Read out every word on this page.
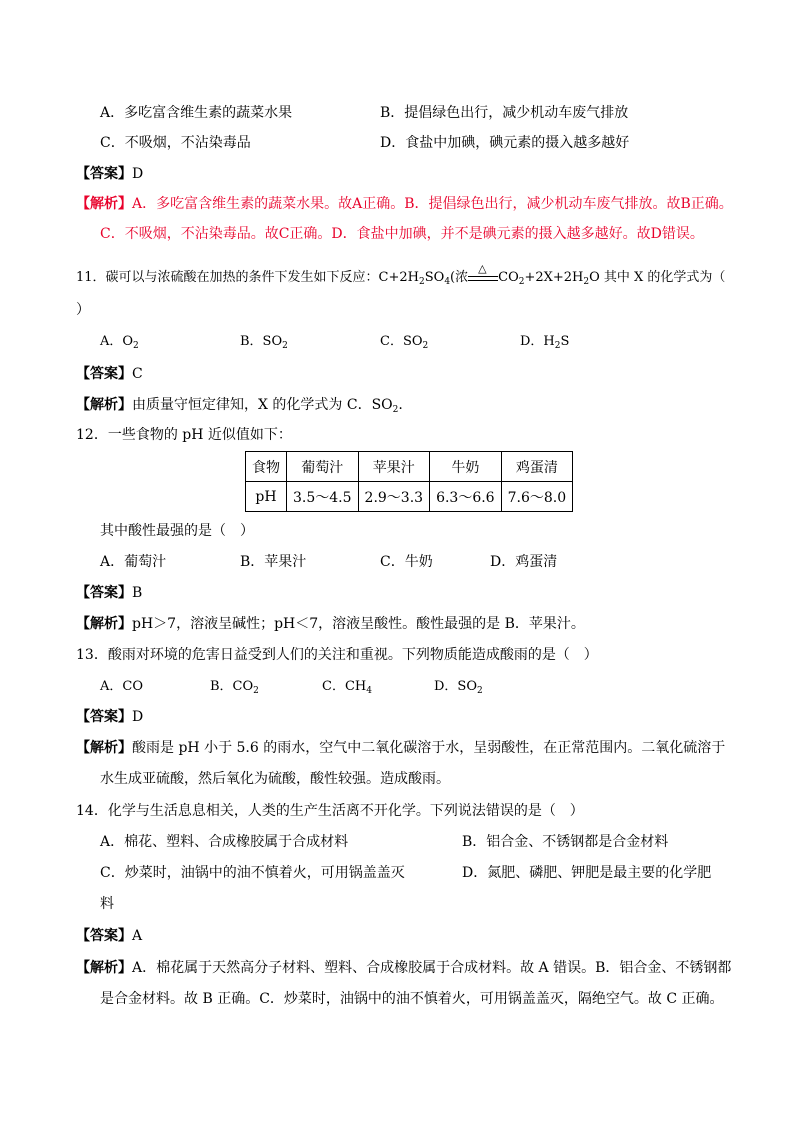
A．多吃富含维生素的蔬菜水果	B．提倡绿色出行，减少机动车废气排放
C．不吸烟，不沾染毒品	D．食盐中加碘，碘元素的摄入越多越好
【答案】D
【解析】A．多吃富含维生素的蔬菜水果。故A正确。B．提倡绿色出行，减少机动车废气排放。故B正确。
C．不吸烟，不沾染毒品。故C正确。D．食盐中加碘，并不是碘元素的摄入越多越好。故D错误。
11．碳可以与浓硫酸在加热的条件下发生如下反应：$C+2H_2SO_4$(浓
△
$CO_2+2X+2H_2O$ 其中 X 的化学式为（
）
A．$O_2$	B．$SO_2$	C．$SO_2$	D．$H_2S$
【答案】C
【解析】由质量守恒定律知，X 的化学式为 C．$SO_2$.
12．一些食物的 pH 近似值如下：
食物	葡萄汁	苹果汁	牛奶	鸡蛋清
pH	3.5～4.5	2.9～3.3	6.3～6.6	7.6～8.0
其中酸性最强的是（　）
A．葡萄汁	B．苹果汁	C．牛奶	D．鸡蛋清
【答案】B
【解析】pH＞7，溶液呈碱性；pH＜7，溶液呈酸性。酸性最强的是 B．苹果汁。
13．酸雨对环境的危害日益受到人们的关注和重视。下列物质能造成酸雨的是（　）
A．CO	B．$CO_2$	C．$CH_4$	D．$SO_2$
【答案】D
【解析】酸雨是 pH 小于 5.6 的雨水，空气中二氧化碳溶于水，呈弱酸性，在正常范围内。二氧化硫溶于
水生成亚硫酸，然后氧化为硫酸，酸性较强。造成酸雨。
14．化学与生活息息相关，人类的生产生活离不开化学。下列说法错误的是（　）
A．棉花、塑料、合成橡胶属于合成材料	B．铝合金、不锈钢都是合金材料
C．炒菜时，油锅中的油不慎着火，可用锅盖盖灭	D．氮肥、磷肥、钾肥是最主要的化学肥
料
【答案】A
【解析】A．棉花属于天然高分子材料、塑料、合成橡胶属于合成材料。故 A 错误。B．铝合金、不锈钢都
是合金材料。故 B 正确。C．炒菜时，油锅中的油不慎着火，可用锅盖盖灭，隔绝空气。故 C 正确。
